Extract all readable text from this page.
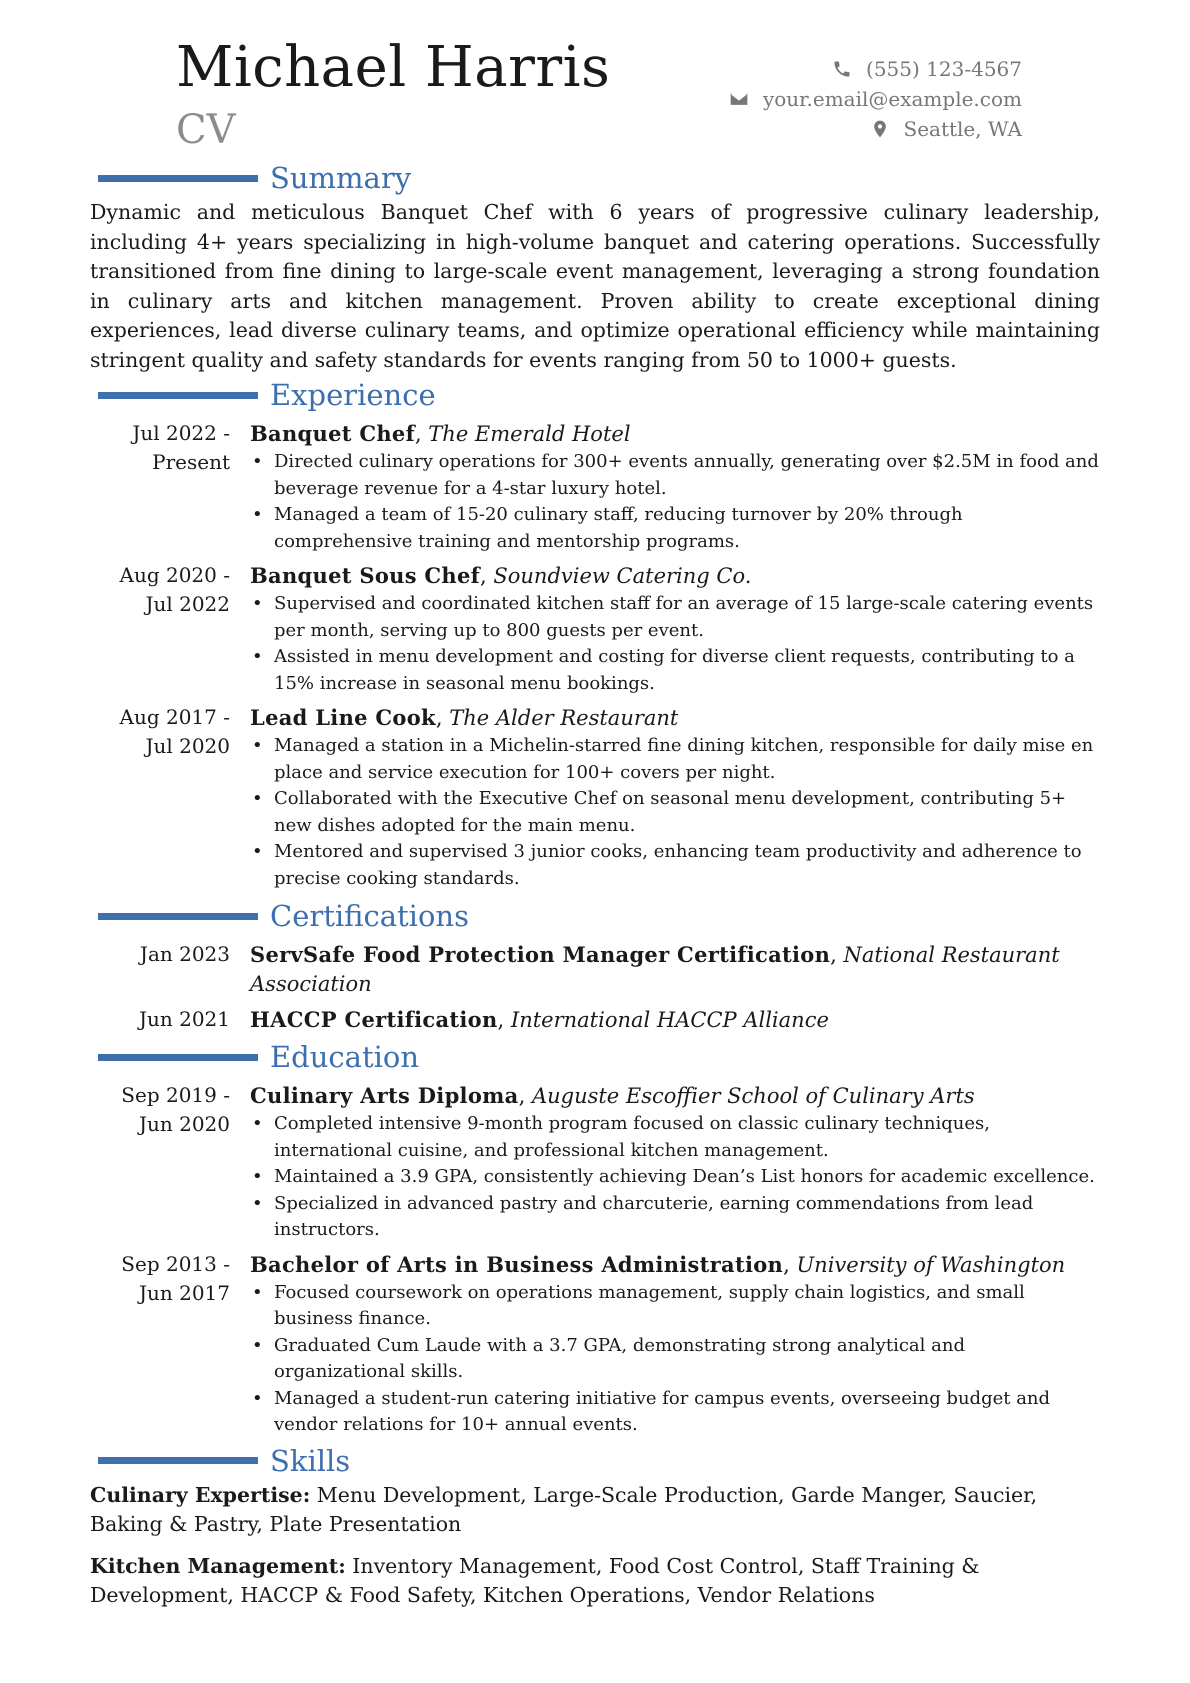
Michael Harris
CV
(555) 123-4567
your.email@example.com
Seattle, WA
Summary

Dynamic and meticulous Banquet Chef with 6 years of progressive culinary leadership, including 4+ years specializing in high-volume banquet and catering operations. Successfully transitioned from fine dining to large-scale event management, leveraging a strong foundation in culinary arts and kitchen management. Proven ability to create exceptional dining experiences, lead diverse culinary teams, and optimize operational efficiency while maintaining stringent quality and safety standards for events ranging from 50 to 1000+ guests.

Experience
Jul 2022 - Present
Banquet Chef, The Emerald Hotel
• Directed culinary operations for 300+ events annually, generating over $2.5M in food and beverage revenue for a 4-star luxury hotel.
• Managed a team of 15-20 culinary staff, reducing turnover by 20% through comprehensive training and mentorship programs.
Aug 2020 - Jul 2022
Banquet Sous Chef, Soundview Catering Co.
• Supervised and coordinated kitchen staff for an average of 15 large-scale catering events per month, serving up to 800 guests per event.
• Assisted in menu development and costing for diverse client requests, contributing to a 15% increase in seasonal menu bookings.
Aug 2017 - Jul 2020
Lead Line Cook, The Alder Restaurant
• Managed a station in a Michelin-starred fine dining kitchen, responsible for daily mise en place and service execution for 100+ covers per night.
• Collaborated with the Executive Chef on seasonal menu development, contributing 5+ new dishes adopted for the main menu.
• Mentored and supervised 3 junior cooks, enhancing team productivity and adherence to precise cooking standards.
Certifications
Jan 2023 ServSafe Food Protection Manager Certification, National Restaurant Association
Jun 2021 HACCP Certification, International HACCP Alliance
Education
Sep 2019 - Jun 2020
Culinary Arts Diploma, Auguste Escoffier School of Culinary Arts
• Completed intensive 9-month program focused on classic culinary techniques, international cuisine, and professional kitchen management.
• Maintained a 3.9 GPA, consistently achieving Dean’s List honors for academic excellence.
• Specialized in advanced pastry and charcuterie, earning commendations from lead instructors.
Sep 2013 - Jun 2017
Bachelor of Arts in Business Administration, University of Washington
• Focused coursework on operations management, supply chain logistics, and small business finance.
• Graduated Cum Laude with a 3.7 GPA, demonstrating strong analytical and organizational skills.
• Managed a student-run catering initiative for campus events, overseeing budget and vendor relations for 10+ annual events.
Skills

Culinary Expertise: Menu Development, Large-Scale Production, Garde Manger, Saucier, Baking & Pastry, Plate Presentation

Kitchen Management: Inventory Management, Food Cost Control, Staff Training & Development, HACCP & Food Safety, Kitchen Operations, Vendor Relations
